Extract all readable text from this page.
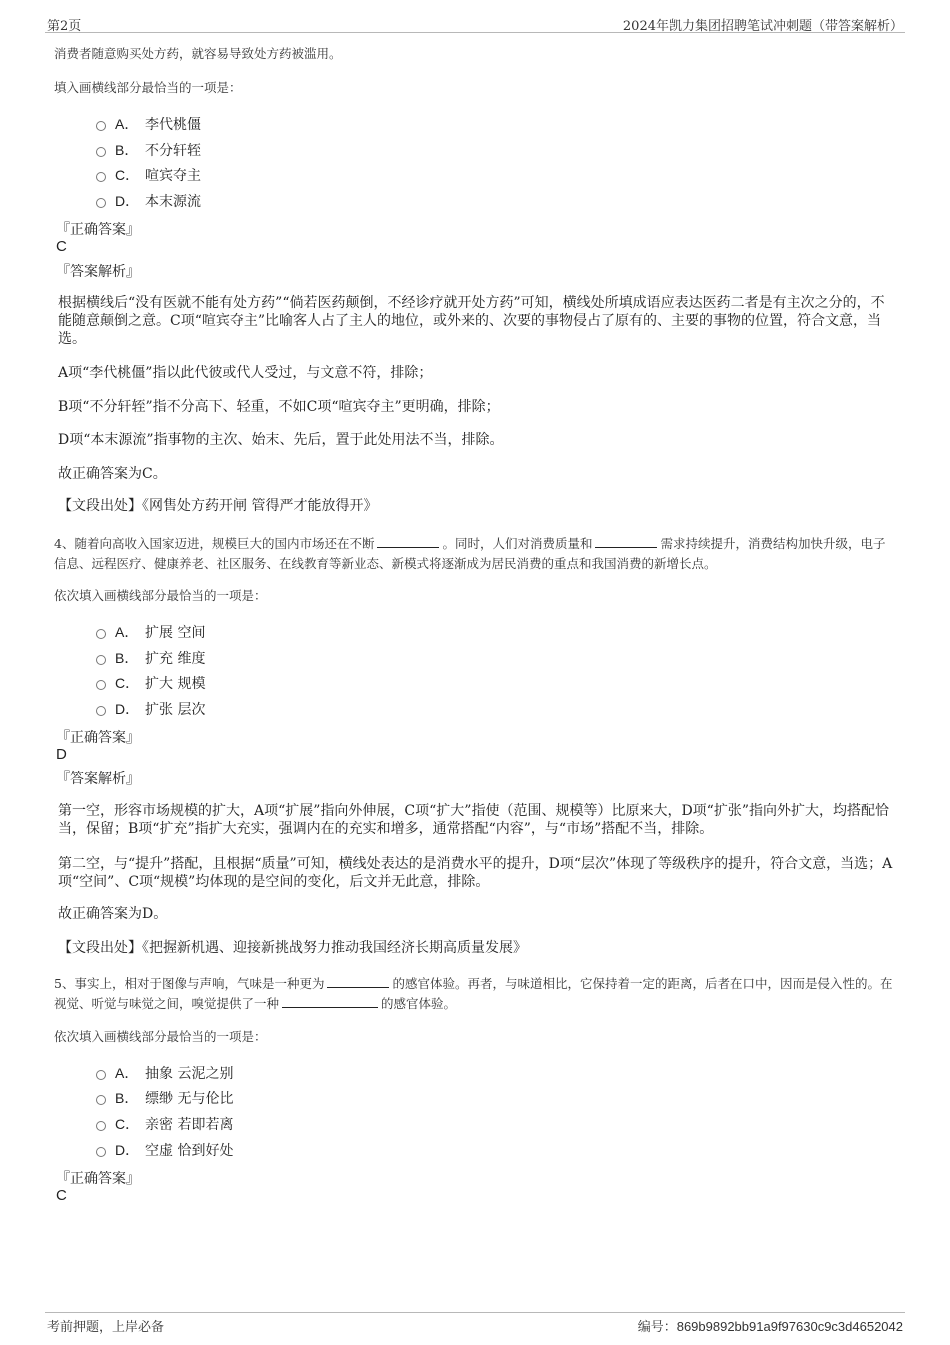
第2页	2024年凯力集团招聘笔试冲刺题（带答案解析）
消费者随意购买处方药，就容易导致处方药被滥用。
填入画横线部分最恰当的一项是：
A． 李代桃僵
B． 不分轩轾
C． 喧宾夺主
D． 本末源流
『正确答案』
C
『答案解析』
根据横线后“没有医就不能有处方药”“倘若医药颠倒，不经诊疗就开处方药”可知，横线处所填成语应表达医药二者是有主次之分的，不能随意颠倒之意。C项“喧宾夺主”比喻客人占了主人的地位，或外来的、次要的事物侵占了原有的、主要的事物的位置，符合文意，当选。
A项“李代桃僵”指以此代彼或代人受过，与文意不符，排除；
B项“不分轩轾”指不分高下、轻重，不如C项“喧宾夺主”更明确，排除；
D项“本末源流”指事物的主次、始末、先后，置于此处用法不当，排除。
故正确答案为C。
【文段出处】《网售处方药开闸 管得严才能放得开》
4、随着向高收入国家迈进，规模巨大的国内市场还在不断	。同时，人们对消费质量和	需求持续提升，消费结构加快升级，电子信息、远程医疗、健康养老、社区服务、在线教育等新业态、新模式将逐渐成为居民消费的重点和我国消费的新增长点。
依次填入画横线部分最恰当的一项是：
A． 扩展 空间
B． 扩充 维度
C． 扩大 规模
D． 扩张 层次
『正确答案』
D
『答案解析』
第一空，形容市场规模的扩大，A项“扩展”指向外伸展，C项“扩大”指使（范围、规模等）比原来大，D项“扩张”指向外扩大，均搭配恰当，保留；B项“扩充”指扩大充实，强调内在的充实和增多，通常搭配“内容”，与“市场”搭配不当，排除。
第二空，与“提升”搭配，且根据“质量”可知，横线处表达的是消费水平的提升，D项“层次”体现了等级秩序的提升，符合文意，当选；A项“空间”、C项“规模”均体现的是空间的变化，后文并无此意，排除。
故正确答案为D。
【文段出处】《把握新机遇、迎接新挑战努力推动我国经济长期高质量发展》
5、事实上，相对于图像与声响，气味是一种更为	的感官体验。再者，与味道相比，它保持着一定的距离，后者在口中，因而是侵入性的。在视觉、听觉与味觉之间，嗅觉提供了一种	的感官体验。
依次填入画横线部分最恰当的一项是：
A． 抽象 云泥之别
B． 缥缈 无与伦比
C． 亲密 若即若离
D． 空虚 恰到好处
『正确答案』
C
考前押题，上岸必备	编号：869b9892bb91a9f97630c9c3d4652042
